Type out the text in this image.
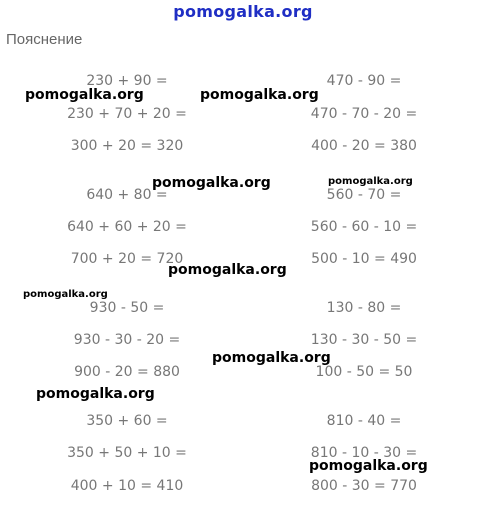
pomogalka.org
Пояснение
230 + 90 =
230 + 70 + 20 =
300 + 20 = 320
470 - 90 =
470 - 70 - 20 =
400 - 20 = 380
640 + 80 =
640 + 60 + 20 =
700 + 20 = 720
560 - 70 =
560 - 60 - 10 =
500 - 10 = 490
930 - 50 =
930 - 30 - 20 =
900 - 20 = 880
130 - 80 =
130 - 30 - 50 =
100 - 50 = 50
350 + 60 =
350 + 50 + 10 =
400 + 10 = 410
810 - 40 =
810 - 10 - 30 =
800 - 30 = 770
pomogalka.org	pomogalka.org
pomogalka.org	pomogalka.org
pomogalka.org
pomogalka.org
pomogalka.org
pomogalka.org
pomogalka.org
